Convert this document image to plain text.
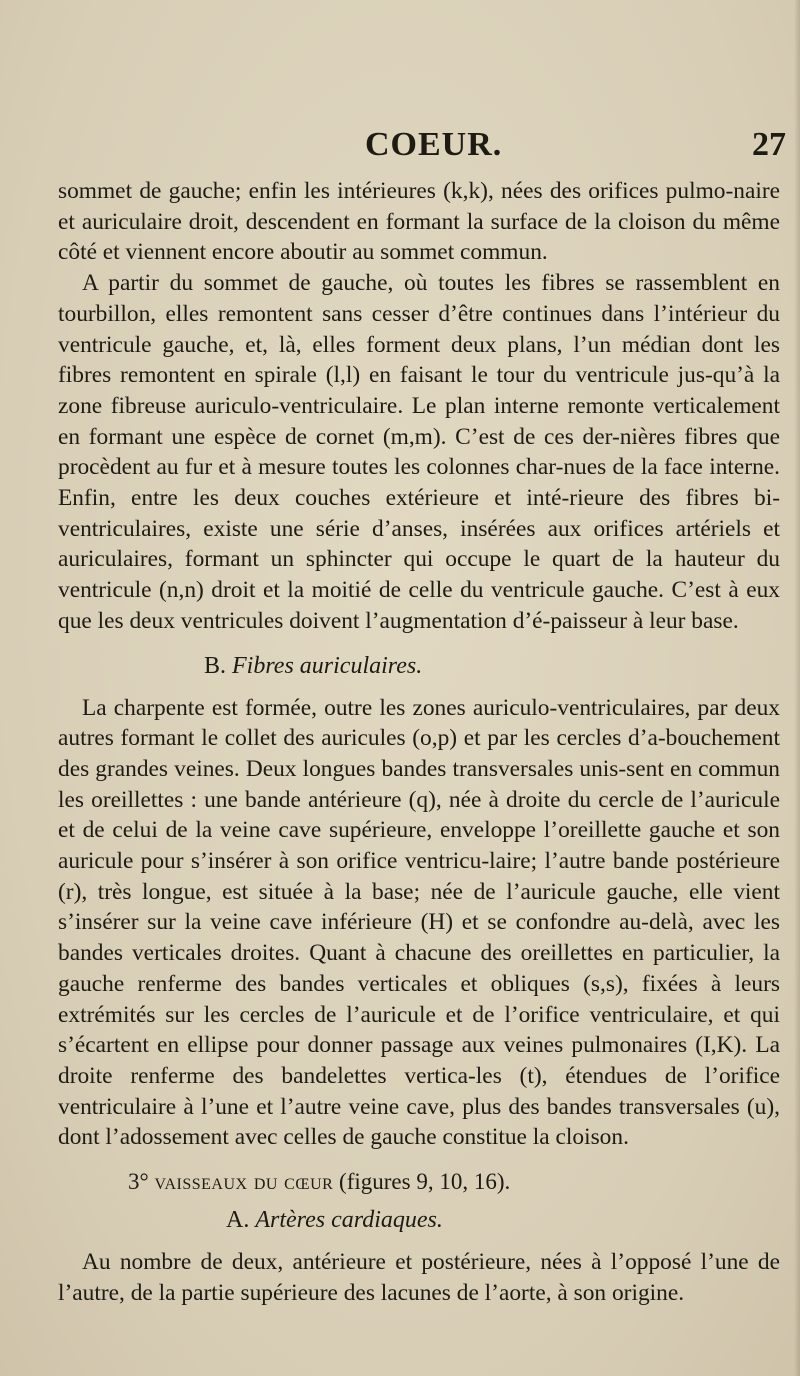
COEUR.	27

sommet de gauche; enfin les intérieures (k,k), nées des orifices pulmo-naire et auriculaire droit, descendent en formant la surface de la cloison du même côté et viennent encore aboutir au sommet commun.

A partir du sommet de gauche, où toutes les fibres se rassemblent en tourbillon, elles remontent sans cesser d’être continues dans l’intérieur du ventricule gauche, et, là, elles forment deux plans, l’un médian dont les fibres remontent en spirale (l,l) en faisant le tour du ventricule jus-qu’à la zone fibreuse auriculo-ventriculaire. Le plan interne remonte verticalement en formant une espèce de cornet (m,m). C’est de ces der-nières fibres que procèdent au fur et à mesure toutes les colonnes char-nues de la face interne. Enfin, entre les deux couches extérieure et inté-rieure des fibres bi-ventriculaires, existe une série d’anses, insérées aux orifices artériels et auriculaires, formant un sphincter qui occupe le quart de la hauteur du ventricule (n,n) droit et la moitié de celle du ventricule gauche. C’est à eux que les deux ventricules doivent l’augmentation d’é-paisseur à leur base.

B. Fibres auriculaires.

La charpente est formée, outre les zones auriculo-ventriculaires, par deux autres formant le collet des auricules (o,p) et par les cercles d’a-bouchement des grandes veines. Deux longues bandes transversales unis-sent en commun les oreillettes : une bande antérieure (q), née à droite du cercle de l’auricule et de celui de la veine cave supérieure, enveloppe l’oreillette gauche et son auricule pour s’insérer à son orifice ventricu-laire; l’autre bande postérieure (r), très longue, est située à la base; née de l’auricule gauche, elle vient s’insérer sur la veine cave inférieure (H) et se confondre au-delà, avec les bandes verticales droites. Quant à chacune des oreillettes en particulier, la gauche renferme des bandes verticales et obliques (s,s), fixées à leurs extrémités sur les cercles de l’auricule et de l’orifice ventriculaire, et qui s’écartent en ellipse pour donner passage aux veines pulmonaires (I,K). La droite renferme des bandelettes vertica-les (t), étendues de l’orifice ventriculaire à l’une et l’autre veine cave, plus des bandes transversales (u), dont l’adossement avec celles de gauche constitue la cloison.

3° vaisseaux du cœur (figures 9, 10, 16).
A. Artères cardiaques.

Au nombre de deux, antérieure et postérieure, nées à l’opposé l’une de l’autre, de la partie supérieure des lacunes de l’aorte, à son origine.
